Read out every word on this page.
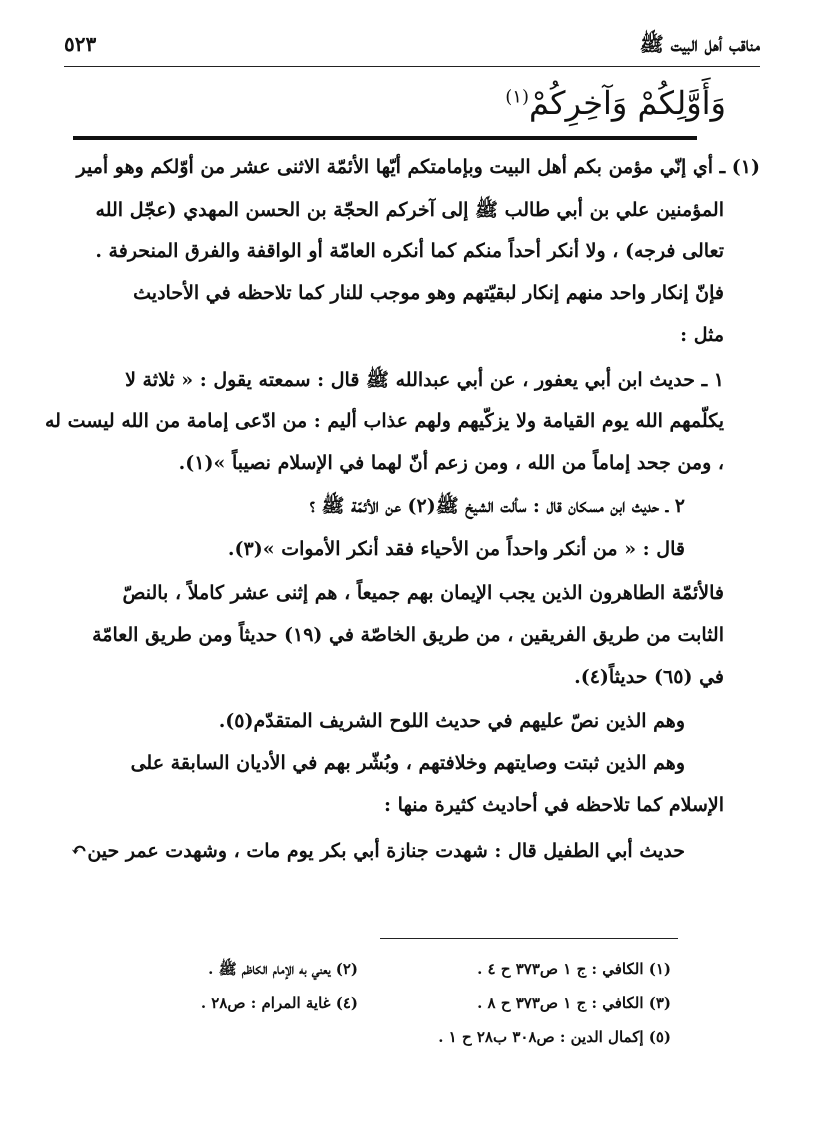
مناقب أهل البيت ﷺ
٥٢٣
وَأَوَّلِكُمْ وَآخِرِكُمْ$^{(١)}$
(١) ـ أي إنّي مؤمن بكم أهل البيت وبإمامتكم أيّها الأئمّة الاثنى عشر من أوّلكم وهو أمير
المؤمنين علي بن أبي طالب ﷺ إلى آخركم الحجّة بن الحسن المهدي (عجّل الله
تعالى فرجه) ، ولا أنكر أحداً منكم كما أنكره العامّة أو الواقفة والفرق المنحرفة .
فإنّ إنكار واحد منهم إنكار لبقيّتهم وهو موجب للنار كما تلاحظه في الأحاديث
مثل :
١ ـ حديث ابن أبي يعفور ، عن أبي عبدالله ﷺ قال : سمعته يقول : « ثلاثة لا
يكلّمهم الله يوم القيامة ولا يزكّيهم ولهم عذاب أليم : من ادّعى إمامة من الله ليست له
، ومن جحد إماماً من الله ، ومن زعم أنّ لهما في الإسلام نصيباً »(١).
٢ ـ حديث ابن مسكان قال : سألت الشيخ ﷺ(٢) عن الأئمّة ﷺ ؟
قال : « من أنكر واحداً من الأحياء فقد أنكر الأموات »(٣).
فالأئمّة الطاهرون الذين يجب الإيمان بهم جميعاً ، هم إثنى عشر كاملاً ، بالنصّ
الثابت من طريق الفريقين ، من طريق الخاصّة في (١٩) حديثاً ومن طريق العامّة
في (٦٥) حديثاً(٤).
وهم الذين نصّ عليهم في حديث اللوح الشريف المتقدّم(٥).
وهم الذين ثبتت وصايتهم وخلافتهم ، وبُشّر بهم في الأديان السابقة على
الإسلام كما تلاحظه في أحاديث كثيرة منها :
حديث أبي الطفيل قال : شهدت جنازة أبي بكر يوم مات ، وشهدت عمر حين↶
(١) الكافي : ج ١ ص٣٧٣ ح ٤ .
(٢) يعني به الإمام الكاظم ﷺ .
(٣) الكافي : ج ١ ص٣٧٣ ح ٨ .
(٤) غاية المرام : ص٢٨ .
(٥) إكمال الدين : ص٣٠٨ ب٢٨ ح ١ .
